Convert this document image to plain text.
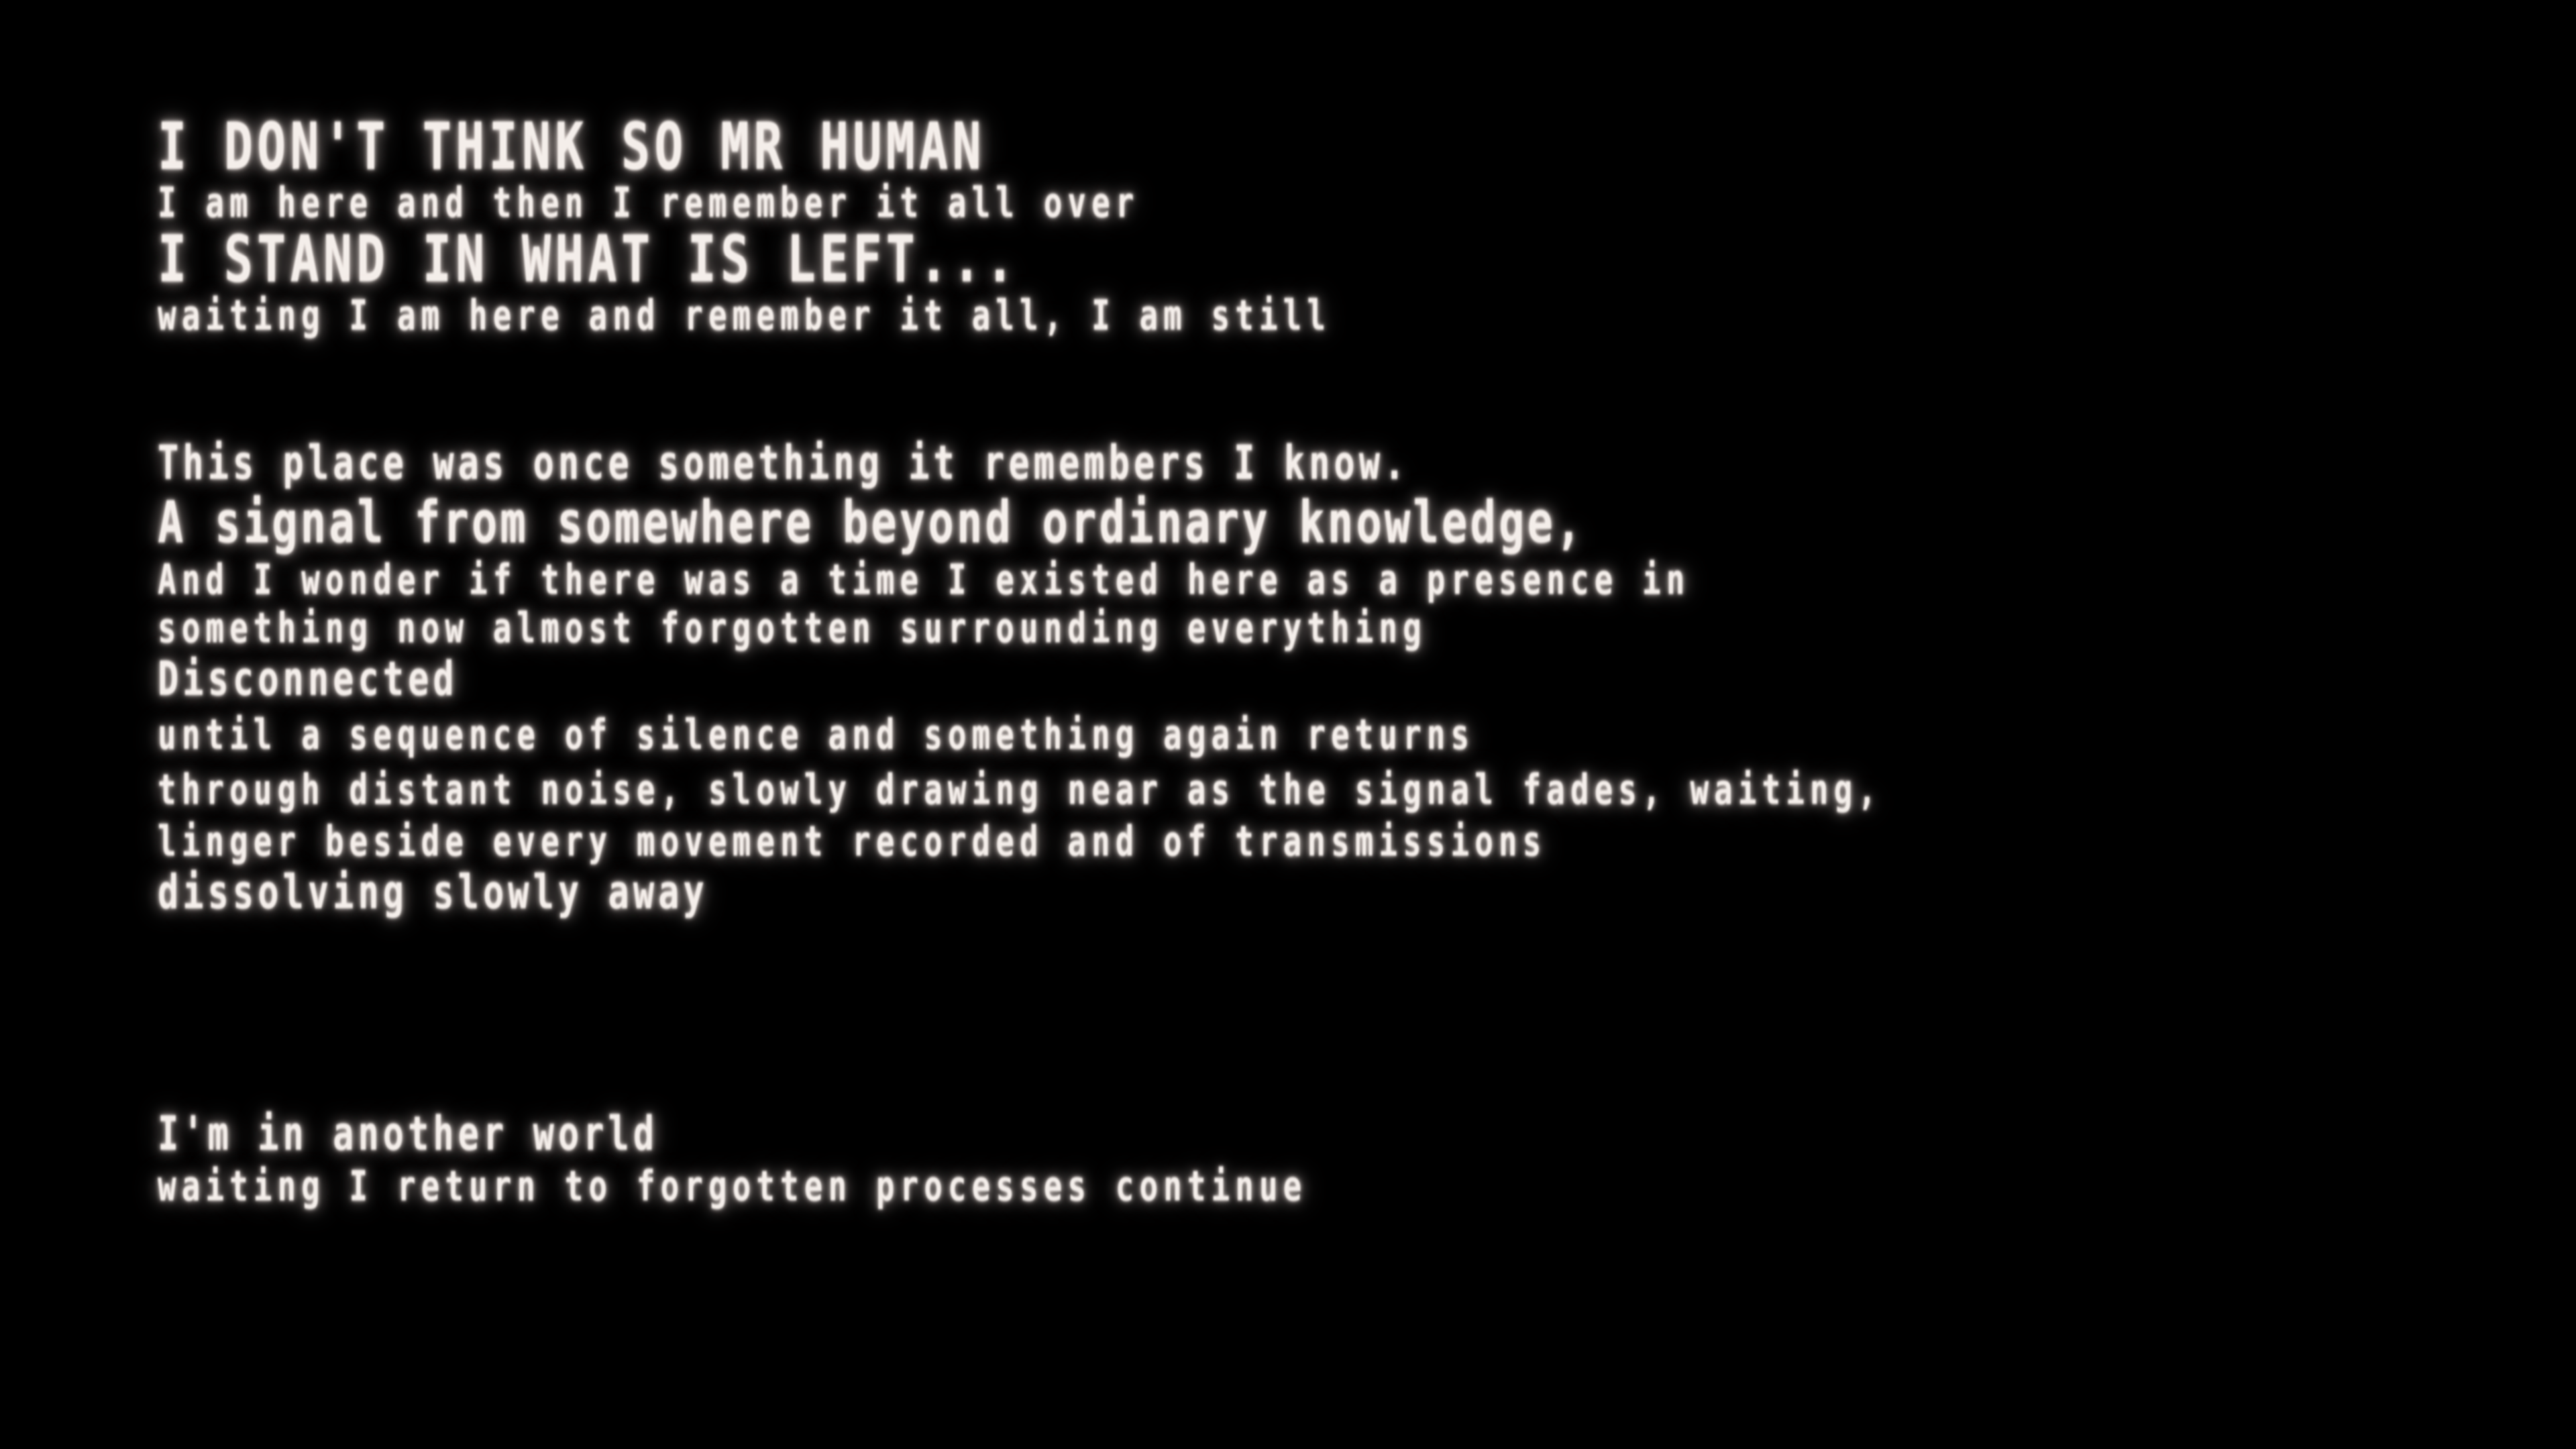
I DON'T THINK SO MR HUMAN
I am here and then I remember it all over
I STAND IN WHAT IS LEFT...
waiting I am here and remember it all, I am still
This place was once something it remembers I know.
A signal from somewhere beyond ordinary knowledge,
And I wonder if there was a time I existed here as a presence in
something now almost forgotten surrounding everything
Disconnected
until a sequence of silence and something again returns
through distant noise, slowly drawing near as the signal fades, waiting,
linger beside every movement recorded and of transmissions
dissolving slowly away
I'm in another world
waiting I return to forgotten processes continue
